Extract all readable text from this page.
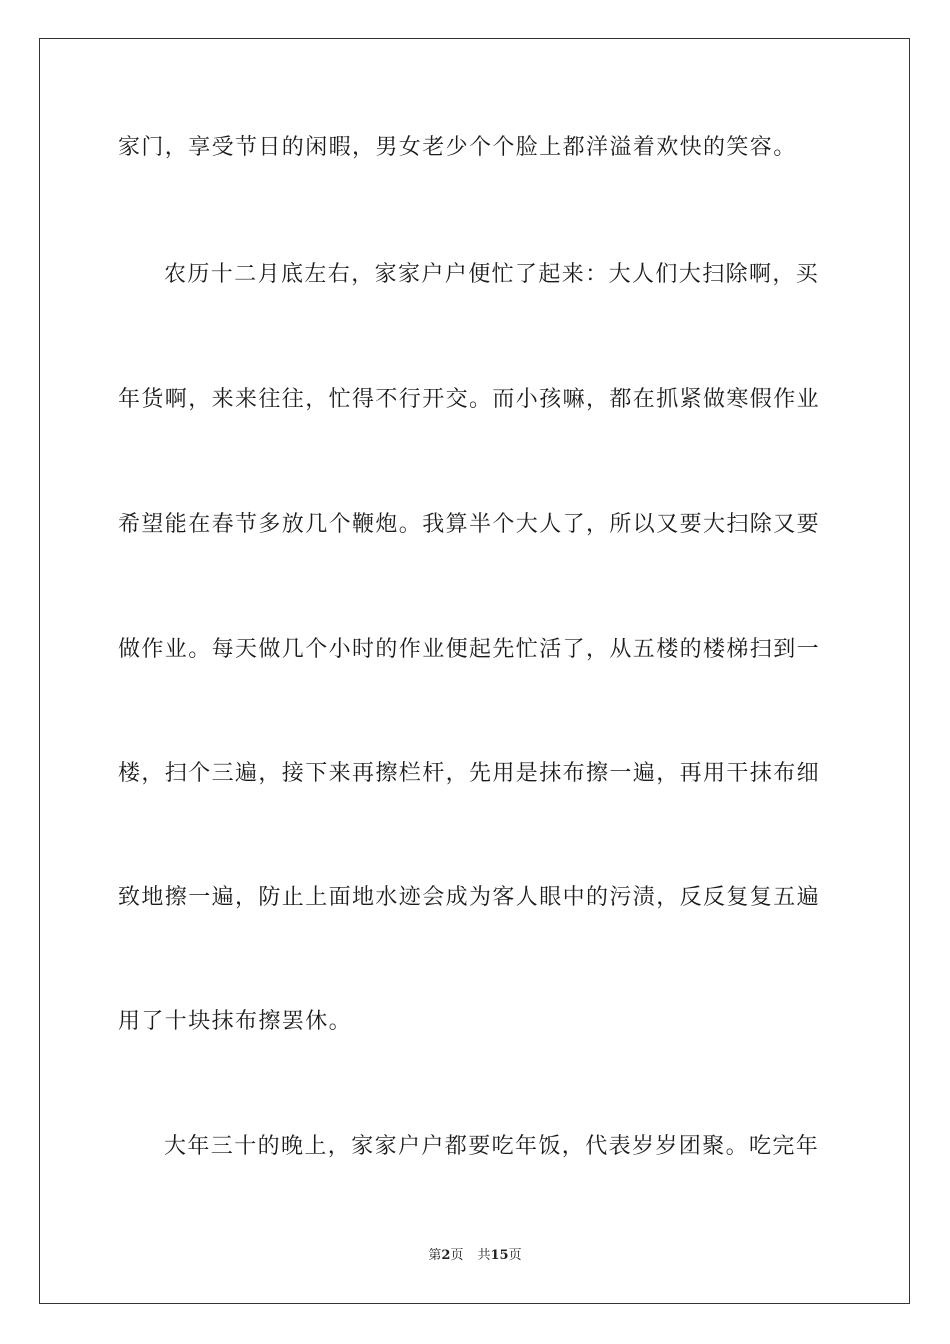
家门，享受节日的闲暇，男女老少个个脸上都洋溢着欢快的笑容。
农历十二月底左右，家家户户便忙了起来：大人们大扫除啊，买
年货啊，来来往往，忙得不行开交。而小孩嘛，都在抓紧做寒假作业
希望能在春节多放几个鞭炮。我算半个大人了，所以又要大扫除又要
做作业。每天做几个小时的作业便起先忙活了，从五楼的楼梯扫到一
楼，扫个三遍，接下来再擦栏杆，先用是抹布擦一遍，再用干抹布细
致地擦一遍，防止上面地水迹会成为客人眼中的污渍，反反复复五遍
用了十块抹布擦罢休。
大年三十的晚上，家家户户都要吃年饭，代表岁岁团聚。吃完年
第2页 共15页
